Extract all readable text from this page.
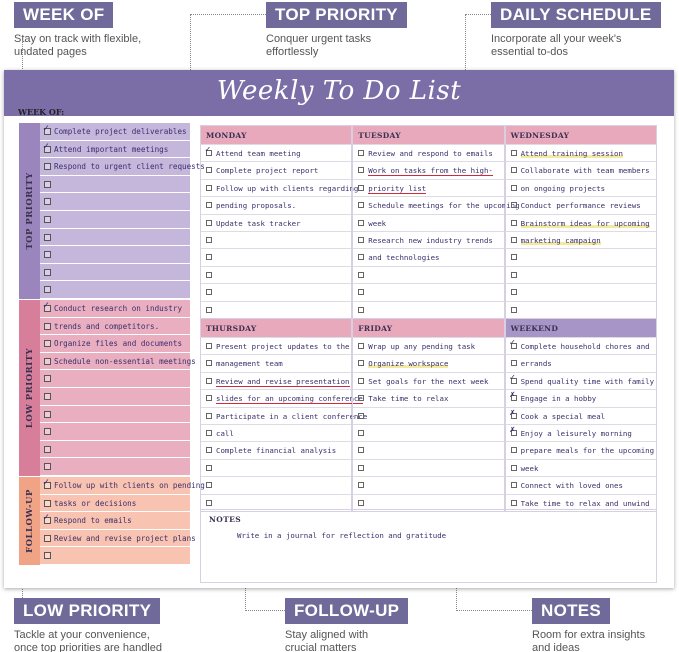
WEEK OF
Stay on track with flexible,
undated pages
TOP PRIORITY
Conquer urgent tasks
effortlessly
DAILY SCHEDULE
Incorporate all your week's
essential to-dos
LOW PRIORITY
Tackle at your convenience,
once top priorities are handled
FOLLOW-UP
Stay aligned with
crucial matters
NOTES
Room for extra insights
and ideas
Weekly To Do List
WEEK OF: 05/29-6/04/23
TOP PRIORITY
✓ Complete project deliverables
✓ Attend important meetings
Respond to urgent client requests
LOW PRIORITY
✓ Conduct research on industry
trends and competitors.
Organize files and documents
Schedule non-essential meetings
FOLLOW-UP
✓ Follow up with clients on pending
tasks or decisions
✓ Respond to emails
Review and revise project plans
MONDAY
✓ Attend team meeting
Complete project report
Follow up with clients regarding
pending proposals.
Update task tracker
TUESDAY
Review and respond to emails
Work on tasks from the high-
priority list
Schedule meetings for the upcoming
week
Research new industry trends
and technologies
WEDNESDAY
Attend training session
Collaborate with team members
on ongoing projects
Conduct performance reviews
Brainstorm ideas for upcoming
marketing campaign
THURSDAY
Present project updates to the
management team
Review and revise presentation
slides for an upcoming conference
Participate in a client conference
call
Complete financial analysis
FRIDAY
Wrap up any pending task
Organize workspace
Set goals for the next week
Take time to relax
WEEKEND
✓ Complete household chores and
errands
✓ Spend quality time with family
✗ Engage in a hobby
✗ Cook a special meal
✗ Enjoy a leisurely morning
prepare meals for the upcoming
week
Connect with loved ones
Take time to relax and unwind
NOTES
Write in a journal for reflection and gratitude
